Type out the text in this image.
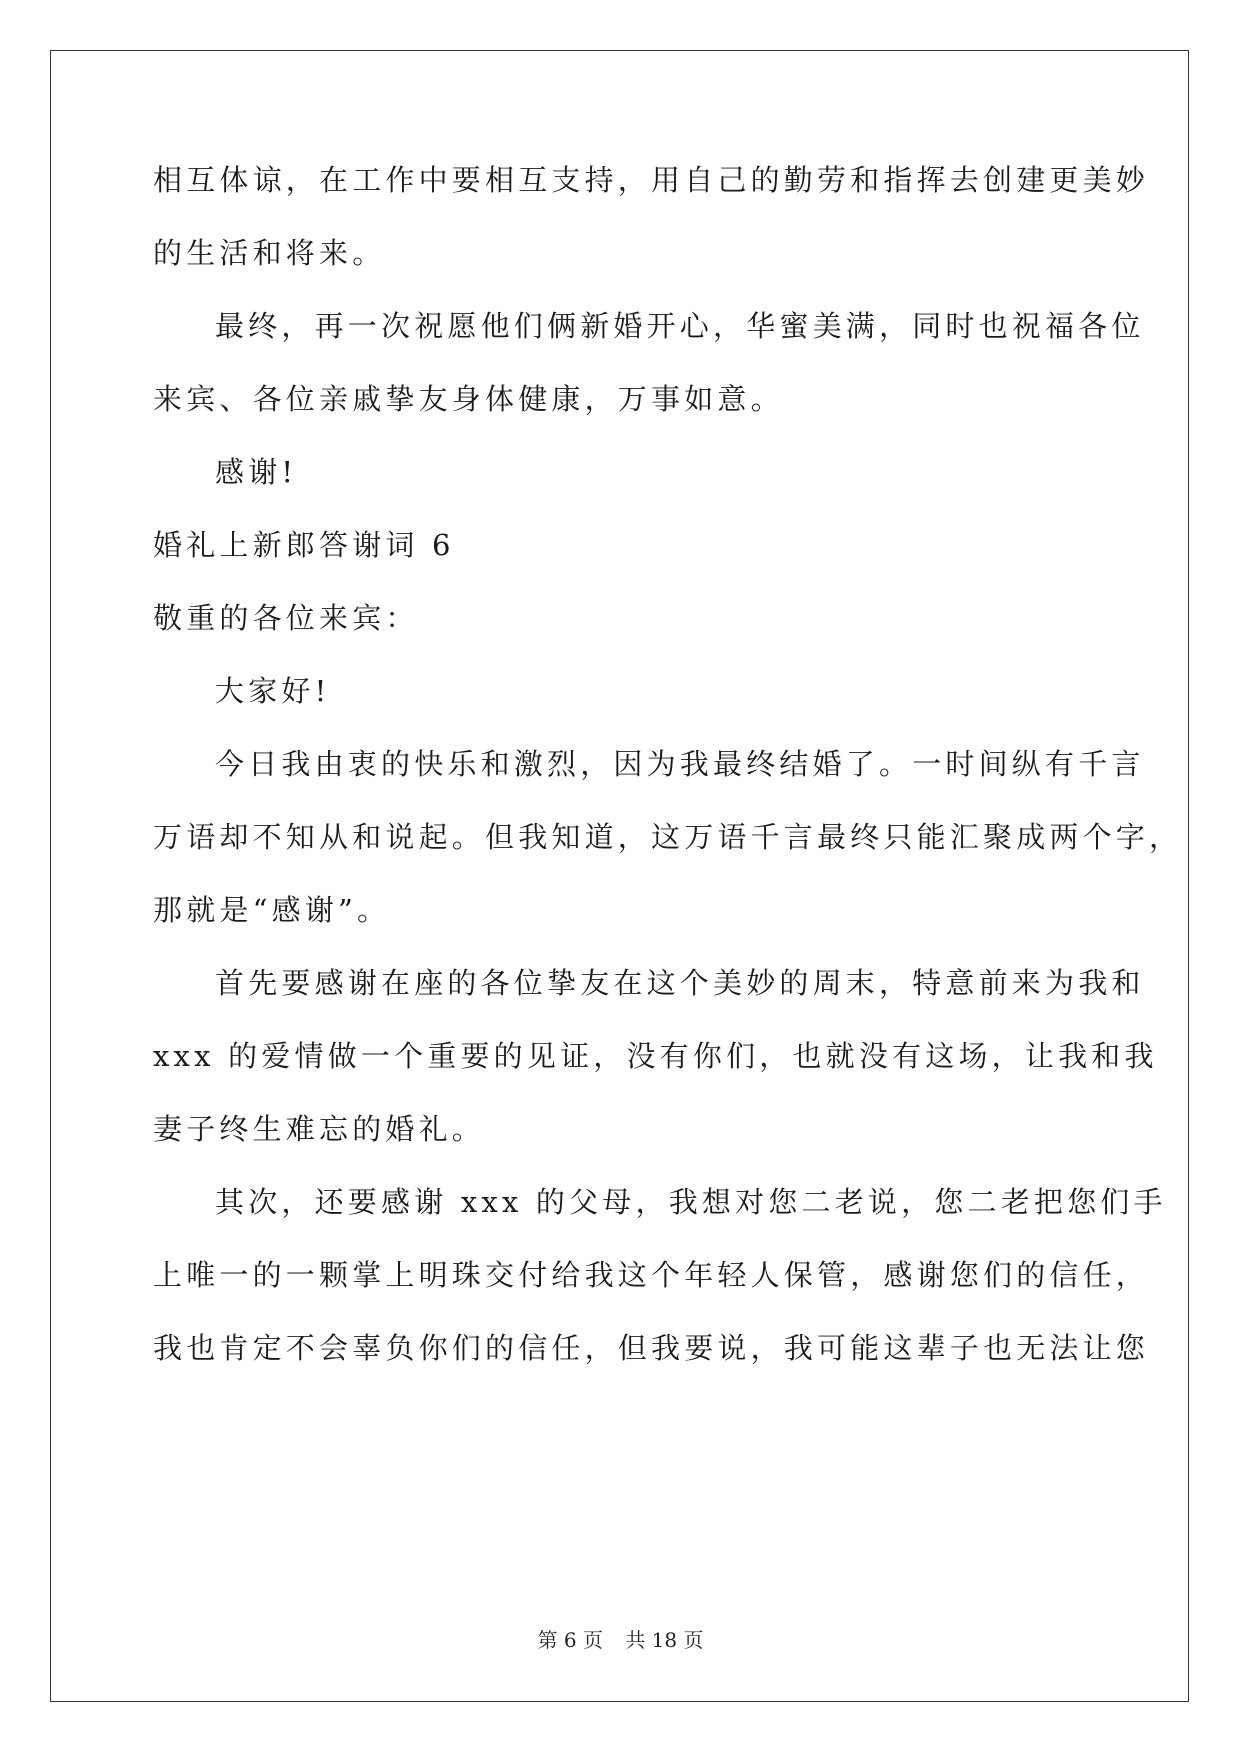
相互体谅，在工作中要相互支持，用自己的勤劳和指挥去创建更美妙
的生活和将来。
最终，再一次祝愿他们俩新婚开心，华蜜美满，同时也祝福各位
来宾、各位亲戚挚友身体健康，万事如意。
感谢!
婚礼上新郎答谢词 6
敬重的各位来宾：
大家好!
今日我由衷的快乐和激烈，因为我最终结婚了。一时间纵有千言
万语却不知从和说起。但我知道，这万语千言最终只能汇聚成两个字，
那就是“感谢”。
首先要感谢在座的各位挚友在这个美妙的周末，特意前来为我和
xxx 的爱情做一个重要的见证，没有你们，也就没有这场，让我和我
妻子终生难忘的婚礼。
其次，还要感谢 xxx 的父母，我想对您二老说，您二老把您们手
上唯一的一颗掌上明珠交付给我这个年轻人保管，感谢您们的信任，
我也肯定不会辜负你们的信任，但我要说，我可能这辈子也无法让您
第 6 页 共 18 页
